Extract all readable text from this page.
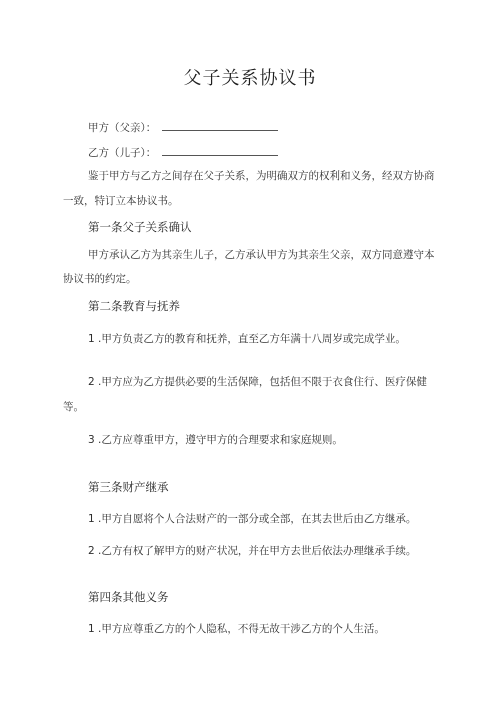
父子关系协议书
甲方（父亲）：
乙方（儿子）：
鉴于甲方与乙方之间存在父子关系，为明确双方的权利和义务，经双方协商
一致，特订立本协议书。
第一条父子关系确认
甲方承认乙方为其亲生儿子，乙方承认甲方为其亲生父亲，双方同意遵守本
协议书的约定。
第二条教育与抚养
1 .甲方负责乙方的教育和抚养，直至乙方年满十八周岁或完成学业。
2 .甲方应为乙方提供必要的生活保障，包括但不限于衣食住行、医疗保健
等。
3 .乙方应尊重甲方，遵守甲方的合理要求和家庭规则。
第三条财产继承
1 .甲方自愿将个人合法财产的一部分或全部，在其去世后由乙方继承。
2 .乙方有权了解甲方的财产状况，并在甲方去世后依法办理继承手续。
第四条其他义务
1 .甲方应尊重乙方的个人隐私，不得无故干涉乙方的个人生活。
